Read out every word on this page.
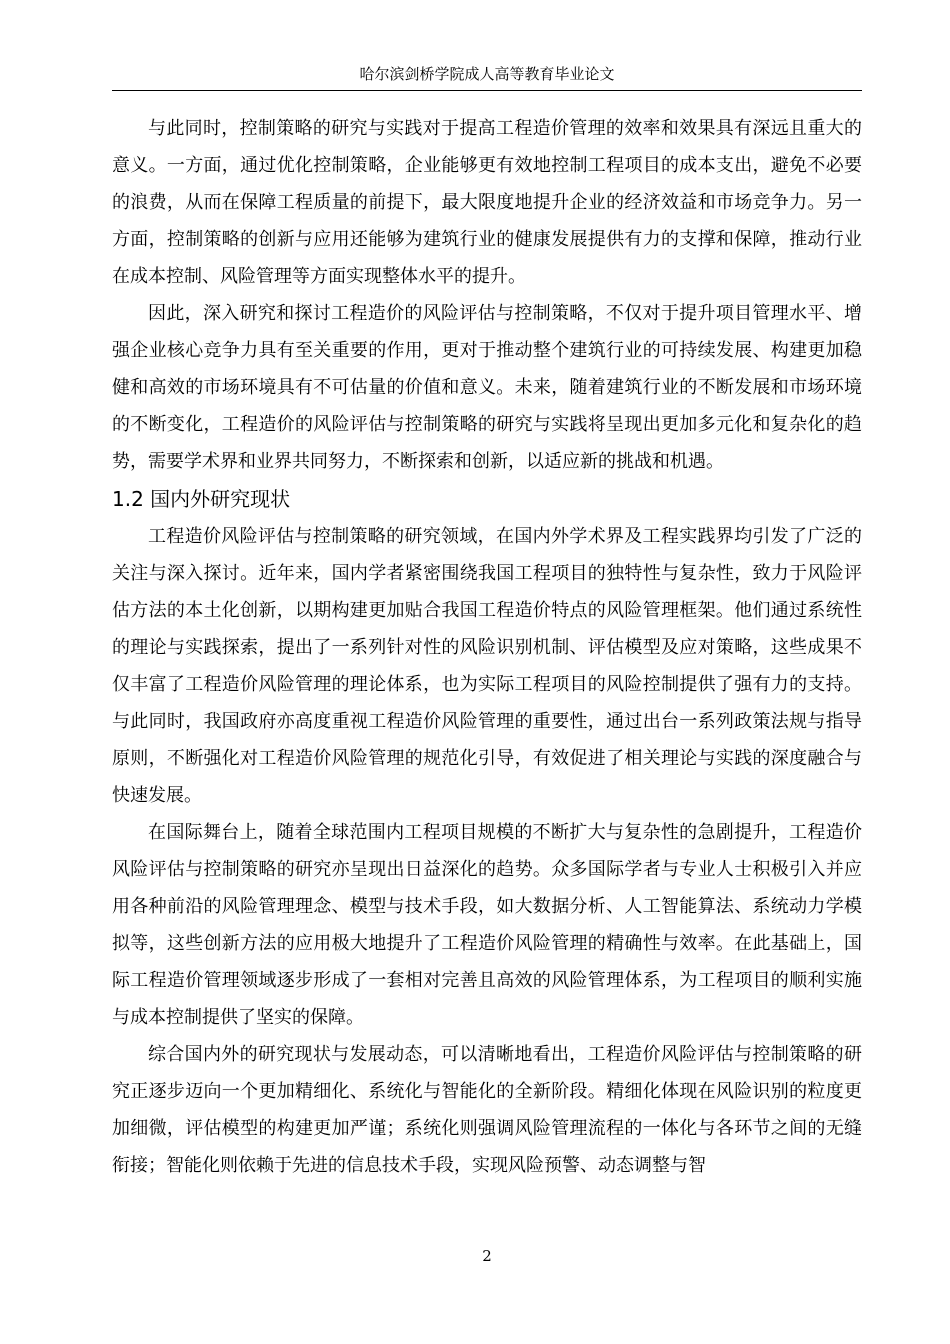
哈尔滨剑桥学院成人高等教育毕业论文

与此同时，控制策略的研究与实践对于提高工程造价管理的效率和效果具有深远且重大的意义。一方面，通过优化控制策略，企业能够更有效地控制工程项目的成本支出，避免不必要的浪费，从而在保障工程质量的前提下，最大限度地提升企业的经济效益和市场竞争力。另一方面，控制策略的创新与应用还能够为建筑行业的健康发展提供有力的支撑和保障，推动行业在成本控制、风险管理等方面实现整体水平的提升。

因此，深入研究和探讨工程造价的风险评估与控制策略，不仅对于提升项目管理水平、增强企业核心竞争力具有至关重要的作用，更对于推动整个建筑行业的可持续发展、构建更加稳健和高效的市场环境具有不可估量的价值和意义。未来，随着建筑行业的不断发展和市场环境的不断变化，工程造价的风险评估与控制策略的研究与实践将呈现出更加多元化和复杂化的趋势，需要学术界和业界共同努力，不断探索和创新，以适应新的挑战和机遇。

1.2 国内外研究现状

工程造价风险评估与控制策略的研究领域，在国内外学术界及工程实践界均引发了广泛的关注与深入探讨。近年来，国内学者紧密围绕我国工程项目的独特性与复杂性，致力于风险评估方法的本土化创新，以期构建更加贴合我国工程造价特点的风险管理框架。他们通过系统性的理论与实践探索，提出了一系列针对性的风险识别机制、评估模型及应对策略，这些成果不仅丰富了工程造价风险管理的理论体系，也为实际工程项目的风险控制提供了强有力的支持。与此同时，我国政府亦高度重视工程造价风险管理的重要性，通过出台一系列政策法规与指导原则，不断强化对工程造价风险管理的规范化引导，有效促进了相关理论与实践的深度融合与快速发展。

在国际舞台上，随着全球范围内工程项目规模的不断扩大与复杂性的急剧提升，工程造价风险评估与控制策略的研究亦呈现出日益深化的趋势。众多国际学者与专业人士积极引入并应用各种前沿的风险管理理念、模型与技术手段，如大数据分析、人工智能算法、系统动力学模拟等，这些创新方法的应用极大地提升了工程造价风险管理的精确性与效率。在此基础上，国际工程造价管理领域逐步形成了一套相对完善且高效的风险管理体系，为工程项目的顺利实施与成本控制提供了坚实的保障。

综合国内外的研究现状与发展动态，可以清晰地看出，工程造价风险评估与控制策略的研究正逐步迈向一个更加精细化、系统化与智能化的全新阶段。精细化体现在风险识别的粒度更加细微，评估模型的构建更加严谨；系统化则强调风险管理流程的一体化与各环节之间的无缝衔接；智能化则依赖于先进的信息技术手段，实现风险预警、动态调整与智

2
